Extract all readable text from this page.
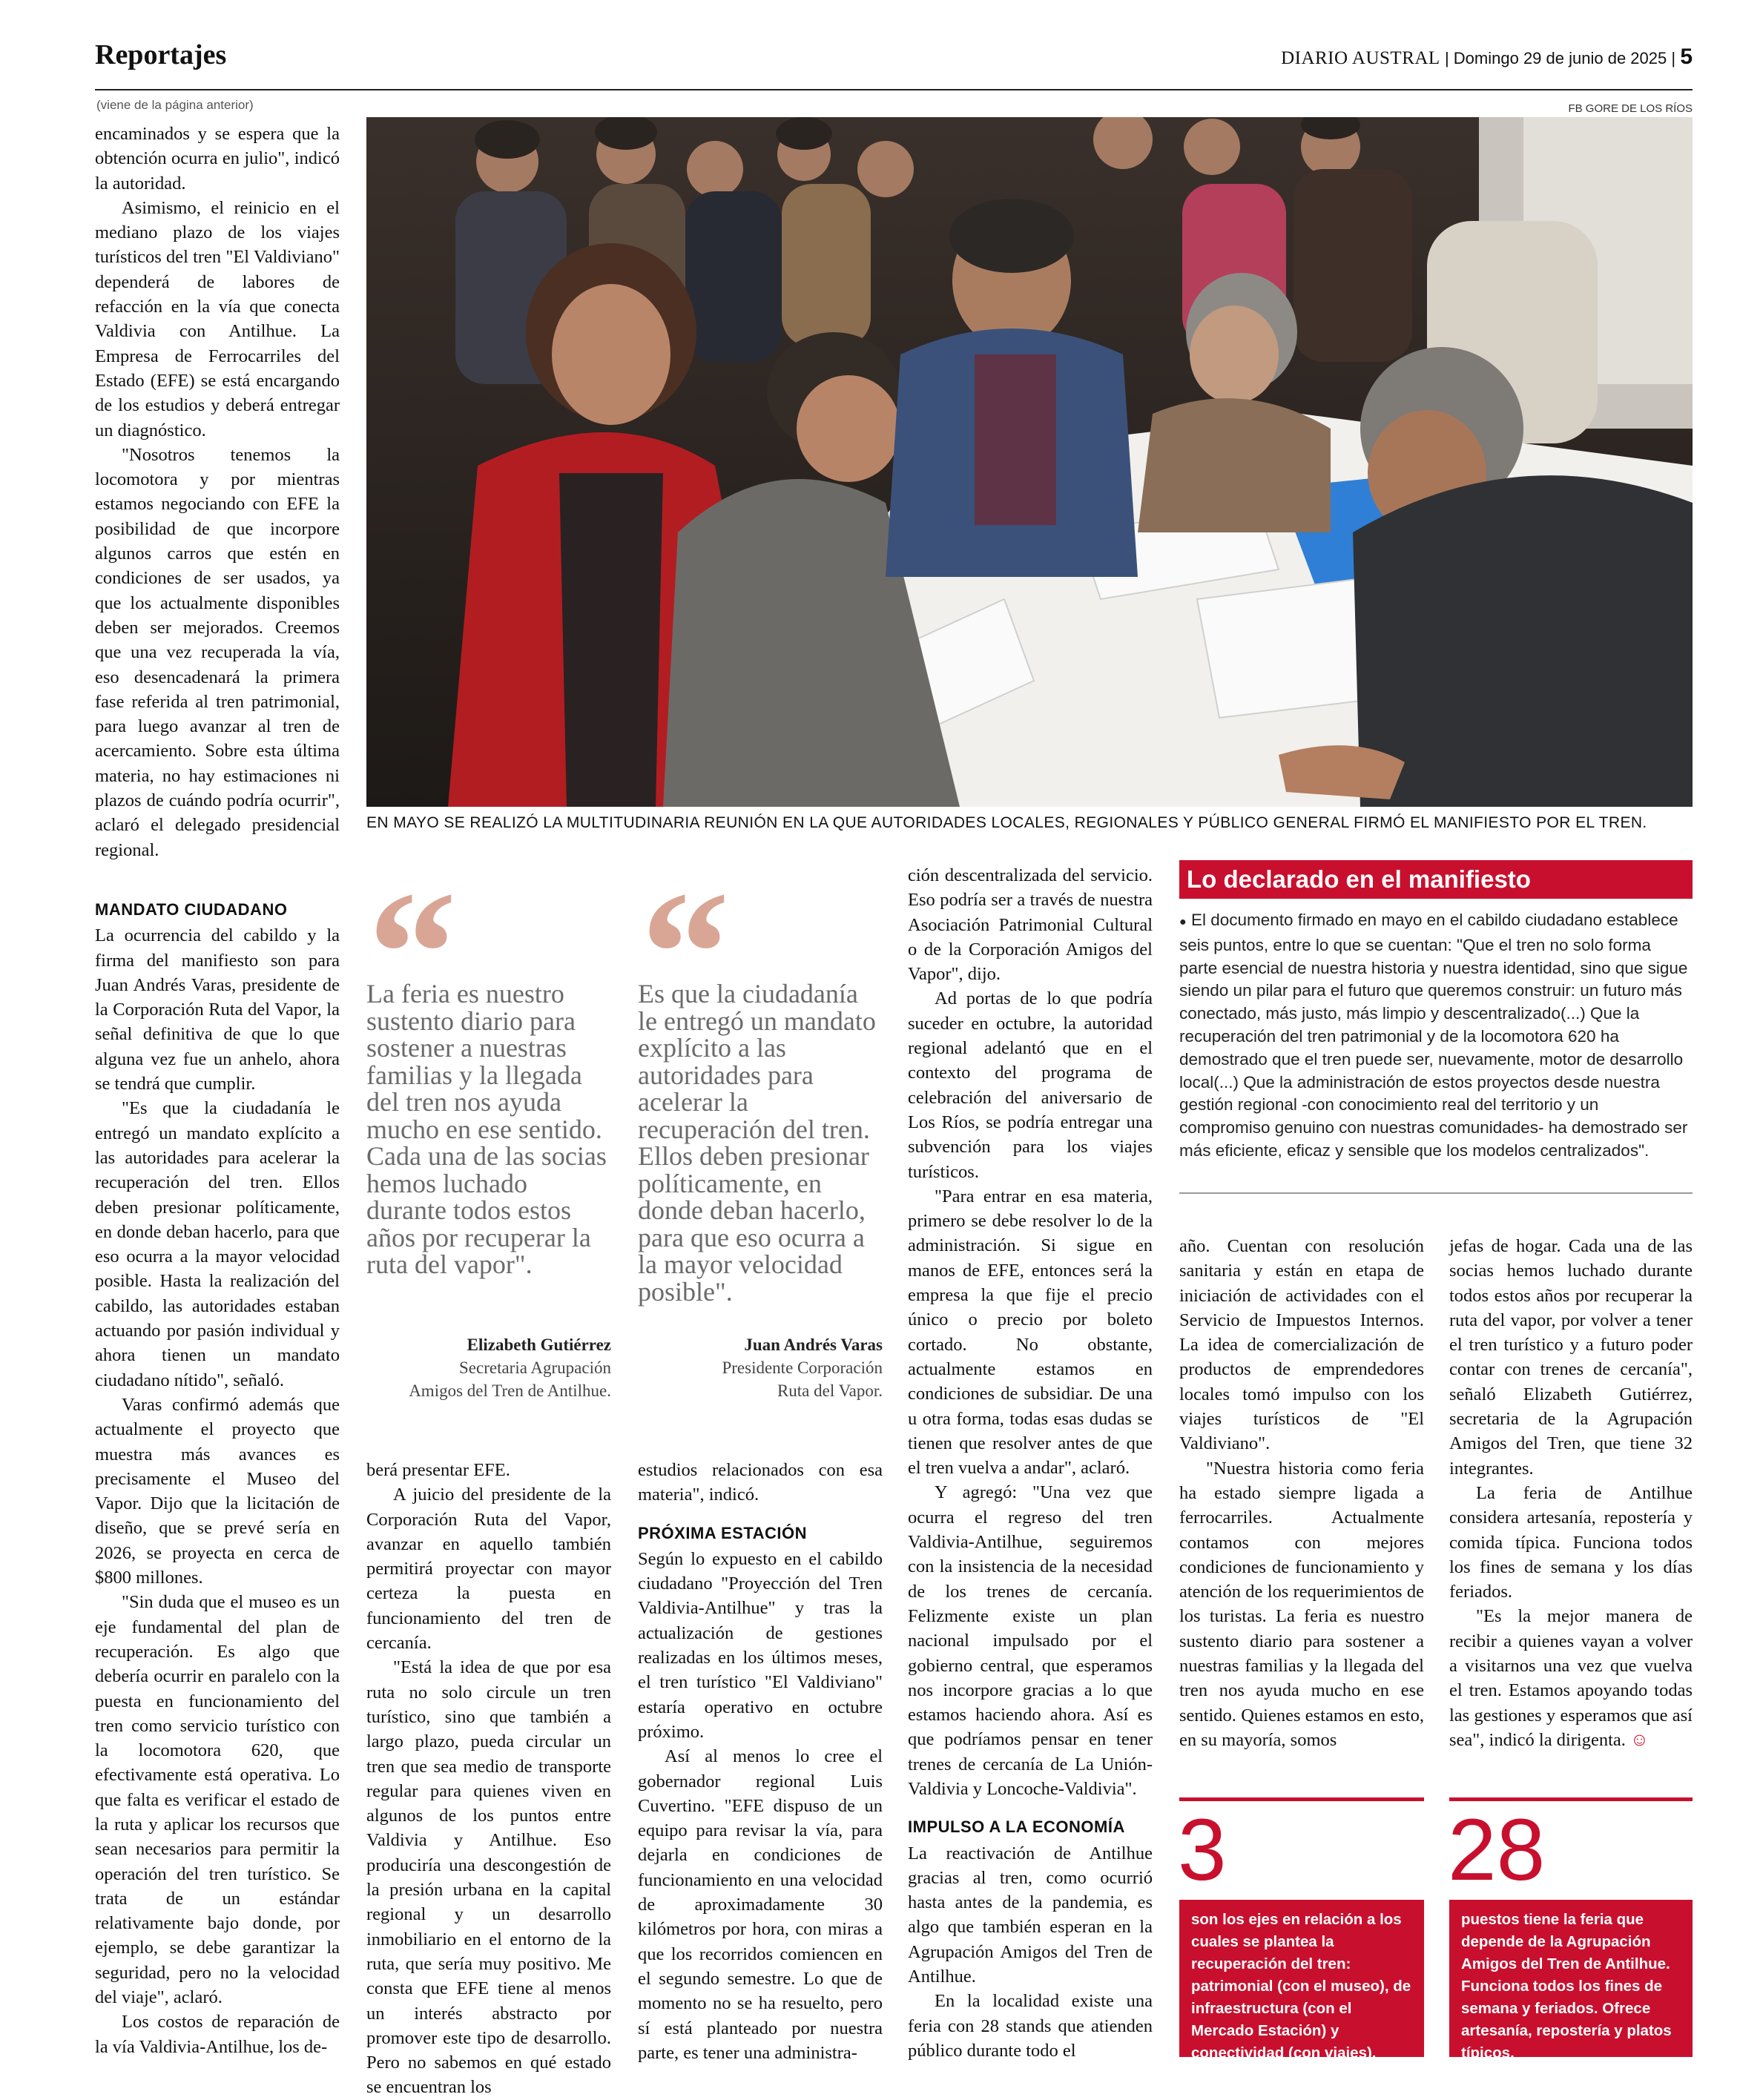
Reportajes	DIARIO AUSTRAL | Domingo 29 de junio de 2025 | 5
(viene de la página anterior)

encaminados y se espera que la obtención ocurra en julio", indicó la autoridad.

Asimismo, el reinicio en el mediano plazo de los viajes turísticos del tren "El Valdiviano" dependerá de labores de refacción en la vía que conecta Valdivia con Antilhue. La Empresa de Ferrocarriles del Estado (EFE) se está encargando de los estudios y deberá entregar un diagnóstico.

"Nosotros tenemos la locomotora y por mientras estamos negociando con EFE la posibilidad de que incorpore algunos carros que estén en condiciones de ser usados, ya que los actualmente disponibles deben ser mejorados. Creemos que una vez recuperada la vía, eso desencadenará la primera fase referida al tren patrimonial, para luego avanzar al tren de acercamiento. Sobre esta última materia, no hay estimaciones ni plazos de cuándo podría ocurrir", aclaró el delegado presidencial regional.

MANDATO CIUDADANO

La ocurrencia del cabildo y la firma del manifiesto son para Juan Andrés Varas, presidente de la Corporación Ruta del Vapor, la señal definitiva de que lo que alguna vez fue un anhelo, ahora se tendrá que cumplir.

"Es que la ciudadanía le entregó un mandato explícito a las autoridades para acelerar la recuperación del tren. Ellos deben presionar políticamente, en donde deban hacerlo, para que eso ocurra a la mayor velocidad posible. Hasta la realización del cabildo, las autoridades estaban actuando por pasión individual y ahora tienen un mandato ciudadano nítido", señaló.

Varas confirmó además que actualmente el proyecto que muestra más avances es precisamente el Museo del Vapor. Dijo que la licitación de diseño, que se prevé sería en 2026, se proyecta en cerca de $800 millones.

"Sin duda que el museo es un eje fundamental del plan de recuperación. Es algo que debería ocurrir en paralelo con la puesta en funcionamiento del tren como servicio turístico con la locomotora 620, que efectivamente está operativa. Lo que falta es verificar el estado de la ruta y aplicar los recursos que sean necesarios para permitir la operación del tren turístico. Se trata de un estándar relativamente bajo donde, por ejemplo, se debe garantizar la seguridad, pero no la velocidad del viaje", aclaró.

Los costos de reparación de la vía Valdivia-Antilhue, los de-

FB GORE DE LOS RÍOS
EN MAYO SE REALIZÓ LA MULTITUDINARIA REUNIÓN EN LA QUE AUTORIDADES LOCALES, REGIONALES Y PÚBLICO GENERAL FIRMÓ EL MANIFIESTO POR EL TREN.
La feria es nuestro sustento diario para sostener a nuestras familias y la llegada del tren nos ayuda mucho en ese sentido. Cada una de las socias hemos luchado durante todos estos años por recuperar la ruta del vapor".
Elizabeth Gutiérrez
Secretaria Agrupación
Amigos del Tren de Antilhue.
Es que la ciudadanía le entregó un mandato explícito a las autoridades para acelerar la recuperación del tren. Ellos deben presionar políticamente, en donde deban hacerlo, para que eso ocurra a la mayor velocidad posible".
Juan Andrés Varas
Presidente Corporación
Ruta del Vapor.

berá presentar EFE.

A juicio del presidente de la Corporación Ruta del Vapor, avanzar en aquello también permitirá proyectar con mayor certeza la puesta en funcionamiento del tren de cercanía.

"Está la idea de que por esa ruta no solo circule un tren turístico, sino que también a largo plazo, pueda circular un tren que sea medio de transporte regular para quienes viven en algunos de los puntos entre Valdivia y Antilhue. Eso produciría una descongestión de la presión urbana en la capital regional y un desarrollo inmobiliario en el entorno de la ruta, que sería muy positivo. Me consta que EFE tiene al menos un interés abstracto por promover este tipo de desarrollo. Pero no sabemos en qué estado se encuentran los

estudios relacionados con esa materia", indicó.

PRÓXIMA ESTACIÓN

Según lo expuesto en el cabildo ciudadano "Proyección del Tren Valdivia-Antilhue" y tras la actualización de gestiones realizadas en los últimos meses, el tren turístico "El Valdiviano" estaría operativo en octubre próximo.

Así al menos lo cree el gobernador regional Luis Cuvertino. "EFE dispuso de un equipo para revisar la vía, para dejarla en condiciones de funcionamiento en una velocidad de aproximadamente 30 kilómetros por hora, con miras a que los recorridos comiencen en el segundo semestre. Lo que de momento no se ha resuelto, pero sí está planteado por nuestra parte, es tener una administra-

ción descentralizada del servicio. Eso podría ser a través de nuestra Asociación Patrimonial Cultural o de la Corporación Amigos del Vapor", dijo.

Ad portas de lo que podría suceder en octubre, la autoridad regional adelantó que en el contexto del programa de celebración del aniversario de Los Ríos, se podría entregar una subvención para los viajes turísticos.

"Para entrar en esa materia, primero se debe resolver lo de la administración. Si sigue en manos de EFE, entonces será la empresa la que fije el precio único o precio por boleto cortado. No obstante, actualmente estamos en condiciones de subsidiar. De una u otra forma, todas esas dudas se tienen que resolver antes de que el tren vuelva a andar", aclaró.

Y agregó: "Una vez que ocurra el regreso del tren Valdivia-Antilhue, seguiremos con la insistencia de la necesidad de los trenes de cercanía. Felizmente existe un plan nacional impulsado por el gobierno central, que esperamos nos incorpore gracias a lo que estamos haciendo ahora. Así es que podríamos pensar en tener trenes de cercanía de La Unión-Valdivia y Loncoche-Valdivia".

IMPULSO A LA ECONOMÍA

La reactivación de Antilhue gracias al tren, como ocurrió hasta antes de la pandemia, es algo que también esperan en la Agrupación Amigos del Tren de Antilhue.

En la localidad existe una feria con 28 stands que atienden público durante todo el

Lo declarado en el manifiesto
● El documento firmado en mayo en el cabildo ciudadano establece seis puntos, entre lo que se cuentan: "Que el tren no solo forma parte esencial de nuestra historia y nuestra identidad, sino que sigue siendo un pilar para el futuro que queremos construir: un futuro más conectado, más justo, más limpio y descentralizado(...) Que la recuperación del tren patrimonial y de la locomotora 620 ha demostrado que el tren puede ser, nuevamente, motor de desarrollo local(...) Que la administración de estos proyectos desde nuestra gestión regional -con conocimiento real del territorio y un compromiso genuino con nuestras comunidades- ha demostrado ser más eficiente, eficaz y sensible que los modelos centralizados".

año. Cuentan con resolución sanitaria y están en etapa de iniciación de actividades con el Servicio de Impuestos Internos. La idea de comercialización de productos de emprendedores locales tomó impulso con los viajes turísticos de "El Valdiviano".

"Nuestra historia como feria ha estado siempre ligada a ferrocarriles. Actualmente contamos con mejores condiciones de funcionamiento y atención de los requerimientos de los turistas. La feria es nuestro sustento diario para sostener a nuestras familias y la llegada del tren nos ayuda mucho en ese sentido. Quienes estamos en esto, en su mayoría, somos

jefas de hogar. Cada una de las socias hemos luchado durante todos estos años por recuperar la ruta del vapor, por volver a tener el tren turístico y a futuro poder contar con trenes de cercanía", señaló Elizabeth Gutiérrez, secretaria de la Agrupación Amigos del Tren, que tiene 32 integrantes.

La feria de Antilhue considera artesanía, repostería y comida típica. Funciona todos los fines de semana y los días feriados.

"Es la mejor manera de recibir a quienes vayan a volver a visitarnos una vez que vuelva el tren. Estamos apoyando todas las gestiones y esperamos que así sea", indicó la dirigenta. ☺

3
son los ejes en relación a los cuales se plantea la recuperación del tren: patrimonial (con el museo), de infraestructura (con el Mercado Estación) y conectividad (con viajes).
28
puestos tiene la feria que depende de la Agrupación Amigos del Tren de Antilhue. Funciona todos los fines de semana y feriados. Ofrece artesanía, repostería y platos típicos.
